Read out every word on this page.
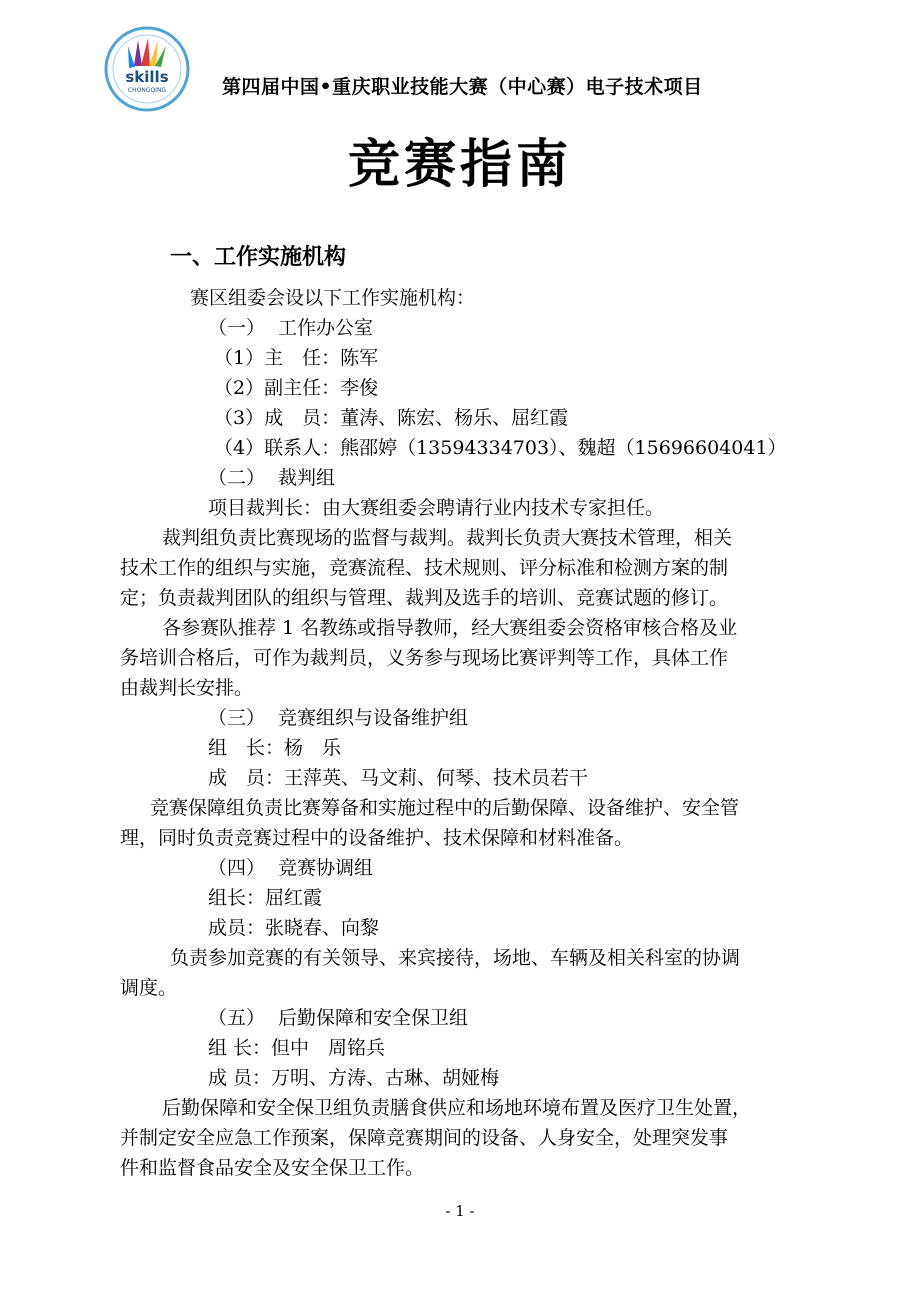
skills
CHONGQING	第四届中国•重庆职业技能大赛（中心赛）电子技术项目
竞赛指南
一、工作实施机构
赛区组委会设以下工作实施机构：
（一） 工作办公室
（1）主　任：陈军
（2）副主任：李俊
（3）成　员：董涛、陈宏、杨乐、屈红霞
（4）联系人：熊邵婷（13594334703）、魏超（15696604041）
（二） 裁判组
项目裁判长：由大赛组委会聘请行业内技术专家担任。
裁判组负责比赛现场的监督与裁判。裁判长负责大赛技术管理，相关
技术工作的组织与实施，竞赛流程、技术规则、评分标准和检测方案的制
定；负责裁判团队的组织与管理、裁判及选手的培训、竞赛试题的修订。
各参赛队推荐 1 名教练或指导教师，经大赛组委会资格审核合格及业
务培训合格后，可作为裁判员，义务参与现场比赛评判等工作，具体工作
由裁判长安排。
（三） 竞赛组织与设备维护组
组　长：杨　乐
成　员：王萍英、马文莉、何琴、技术员若干
竞赛保障组负责比赛筹备和实施过程中的后勤保障、设备维护、安全管
理，同时负责竞赛过程中的设备维护、技术保障和材料准备。
（四） 竞赛协调组
组长：屈红霞
成员：张晓春、向黎
负责参加竞赛的有关领导、来宾接待，场地、车辆及相关科室的协调
调度。
（五） 后勤保障和安全保卫组
组 长：但中　周铭兵
成 员：万明、方涛、古琳、胡娅梅
后勤保障和安全保卫组负责膳食供应和场地环境布置及医疗卫生处置，
并制定安全应急工作预案，保障竞赛期间的设备、人身安全，处理突发事
件和监督食品安全及安全保卫工作。
- 1 -
